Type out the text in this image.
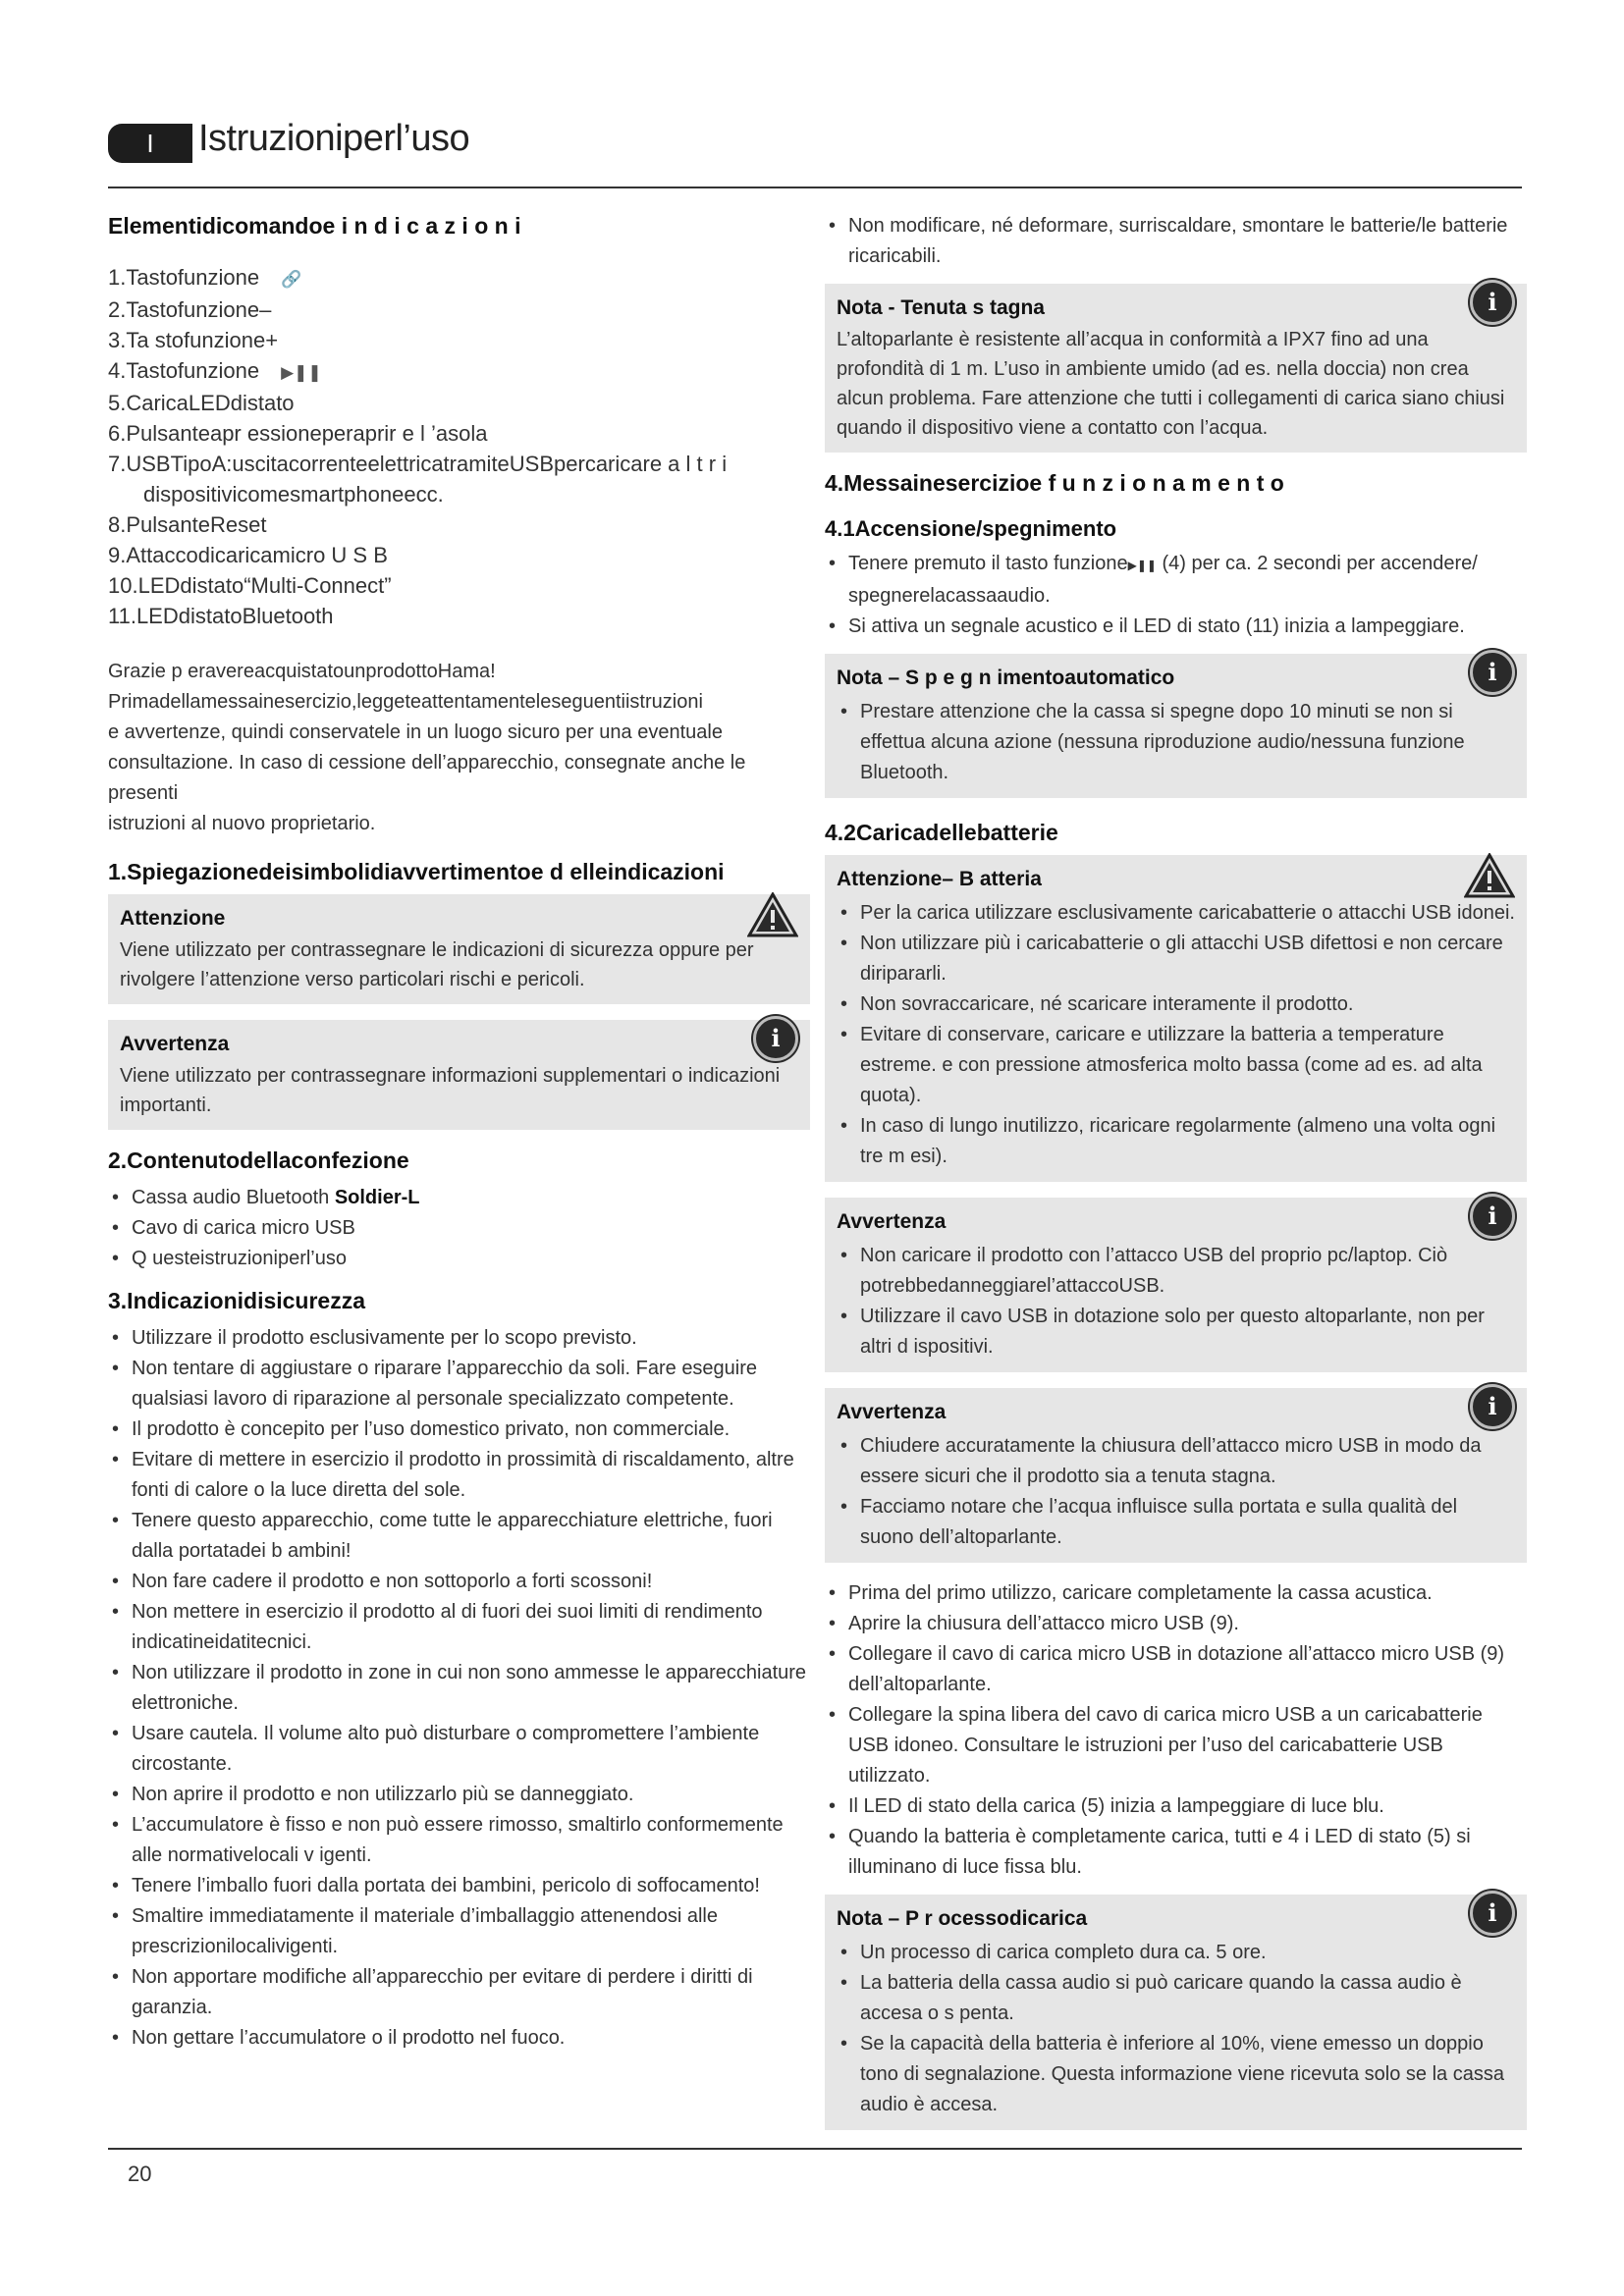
I	Istruzioniperl’uso
Elementidicomandoe i n d i c a z i o n i
1.Tastofunzione 🔗
2.Tastofunzione–
3.Ta stofunzione+
4.Tastofunzione ▶❚❚
5.CaricaLEDdistato
6.Pulsanteapr essioneperaprir e l ’asola
7.USBTipoA:uscitacorrenteelettricatramiteUSBpercaricare a l t r i
dispositivicomesmartphoneecc.
8.PulsanteReset
9.Attaccodicaricamicro U S B
10.LEDdistato“Multi-Connect”
11.LEDdistatoBluetooth

Grazie p eravereacquistatounprodottoHama!

Primadellamessainesercizio,leggeteattentamenteleseguentiistruzioni

e avvertenze, quindi conservatele in un luogo sicuro per una eventuale

consultazione. In caso di cessione dell’apparecchio, consegnate anche le presenti

istruzioni al nuovo proprietario.

1.Spiegazionedeisimbolidiavvertimentoe d elleindicazioni
Attenzione
Viene utilizzato per contrassegnare le indicazioni di sicurezza oppure per
rivolgere l’attenzione verso particolari rischi e pericoli.
Avvertenza	i
Viene utilizzato per contrassegnare informazioni supplementari o indicazioni
importanti.
2.Contenutodellaconfezione
• Cassa audio Bluetooth Soldier-L
• Cavo di carica micro USB
• Q uesteistruzioniperl’uso
3.Indicazionidisicurezza
• Utilizzare il prodotto esclusivamente per lo scopo previsto.
• Non tentare di aggiustare o riparare l’apparecchio da soli. Fare eseguire qualsiasi lavoro di riparazione al personale specializzato competente.
• Il prodotto è concepito per l’uso domestico privato, non commerciale.
• Evitare di mettere in esercizio il prodotto in prossimità di riscaldamento, altre fonti di calore o la luce diretta del sole.
• Tenere questo apparecchio, come tutte le apparecchiature elettriche, fuori dalla portatadei b ambini!
• Non fare cadere il prodotto e non sottoporlo a forti scossoni!
• Non mettere in esercizio il prodotto al di fuori dei suoi limiti di rendimento indicatineidatitecnici.
• Non utilizzare il prodotto in zone in cui non sono ammesse le apparecchiature elettroniche.
• Usare cautela. Il volume alto può disturbare o compromettere l’ambiente circostante.
• Non aprire il prodotto e non utilizzarlo più se danneggiato.
• L’accumulatore è fisso e non può essere rimosso, smaltirlo conformemente alle normativelocali v igenti.
• Tenere l’imballo fuori dalla portata dei bambini, pericolo di soffocamento!
• Smaltire immediatamente il materiale d’imballaggio attenendosi alle prescrizionilocalivigenti.
• Non apportare modifiche all’apparecchio per evitare di perdere i diritti di garanzia.
• Non gettare l’accumulatore o il prodotto nel fuoco.
• Non modificare, né deformare, surriscaldare, smontare le batterie/le batterie ricaricabili.
Nota - Tenuta s tagna	i
L’altoparlante è resistente all’acqua in conformità a IPX7 fino ad una profondità di 1 m. L’uso in ambiente umido (ad es. nella doccia) non crea alcun problema. Fare attenzione che tutti i collegamenti di carica siano chiusi quando il dispositivo viene a contatto con l’acqua.
4.Messainesercizioe f u n z i o n a m e n t o
4.1Accensione/spegnimento
• Tenere premuto il tasto funzione▶❚❚ (4) per ca. 2 secondi per accendere/ spegnerelacassaaudio.
• Si attiva un segnale acustico e il LED di stato (11) inizia a lampeggiare.
Nota – S p e g n imentoautomatico	i
• Prestare attenzione che la cassa si spegne dopo 10 minuti se non si effettua alcuna azione (nessuna riproduzione audio/nessuna funzione Bluetooth.
4.2Caricadellebatterie
Attenzione– B atteria
• Per la carica utilizzare esclusivamente caricabatterie o attacchi USB idonei.
• Non utilizzare più i caricabatterie o gli attacchi USB difettosi e non cercare diripararli.
• Non sovraccaricare, né scaricare interamente il prodotto.
• Evitare di conservare, caricare e utilizzare la batteria a temperature estreme. e con pressione atmosferica molto bassa (come ad es. ad alta quota).
• In caso di lungo inutilizzo, ricaricare regolarmente (almeno una volta ogni tre m esi).
Avvertenza	i
• Non caricare il prodotto con l’attacco USB del proprio pc/laptop. Ciò potrebbedanneggiarel’attaccoUSB.
• Utilizzare il cavo USB in dotazione solo per questo altoparlante, non per altri d ispositivi.
Avvertenza	i
• Chiudere accuratamente la chiusura dell’attacco micro USB in modo da essere sicuri che il prodotto sia a tenuta stagna.
• Facciamo notare che l’acqua influisce sulla portata e sulla qualità del suono dell’altoparlante.
• Prima del primo utilizzo, caricare completamente la cassa acustica.
• Aprire la chiusura dell’attacco micro USB (9).
• Collegare il cavo di carica micro USB in dotazione all’attacco micro USB (9) dell’altoparlante.
• Collegare la spina libera del cavo di carica micro USB a un caricabatterie USB idoneo. Consultare le istruzioni per l’uso del caricabatterie USB utilizzato.
• Il LED di stato della carica (5) inizia a lampeggiare di luce blu.
• Quando la batteria è completamente carica, tutti e 4 i LED di stato (5) si illuminano di luce fissa blu.
Nota – P r ocessodicarica	i
• Un processo di carica completo dura ca. 5 ore.
• La batteria della cassa audio si può caricare quando la cassa audio è accesa o s penta.
• Se la capacità della batteria è inferiore al 10%, viene emesso un doppio tono di segnalazione. Questa informazione viene ricevuta solo se la cassa audio è accesa.
20
